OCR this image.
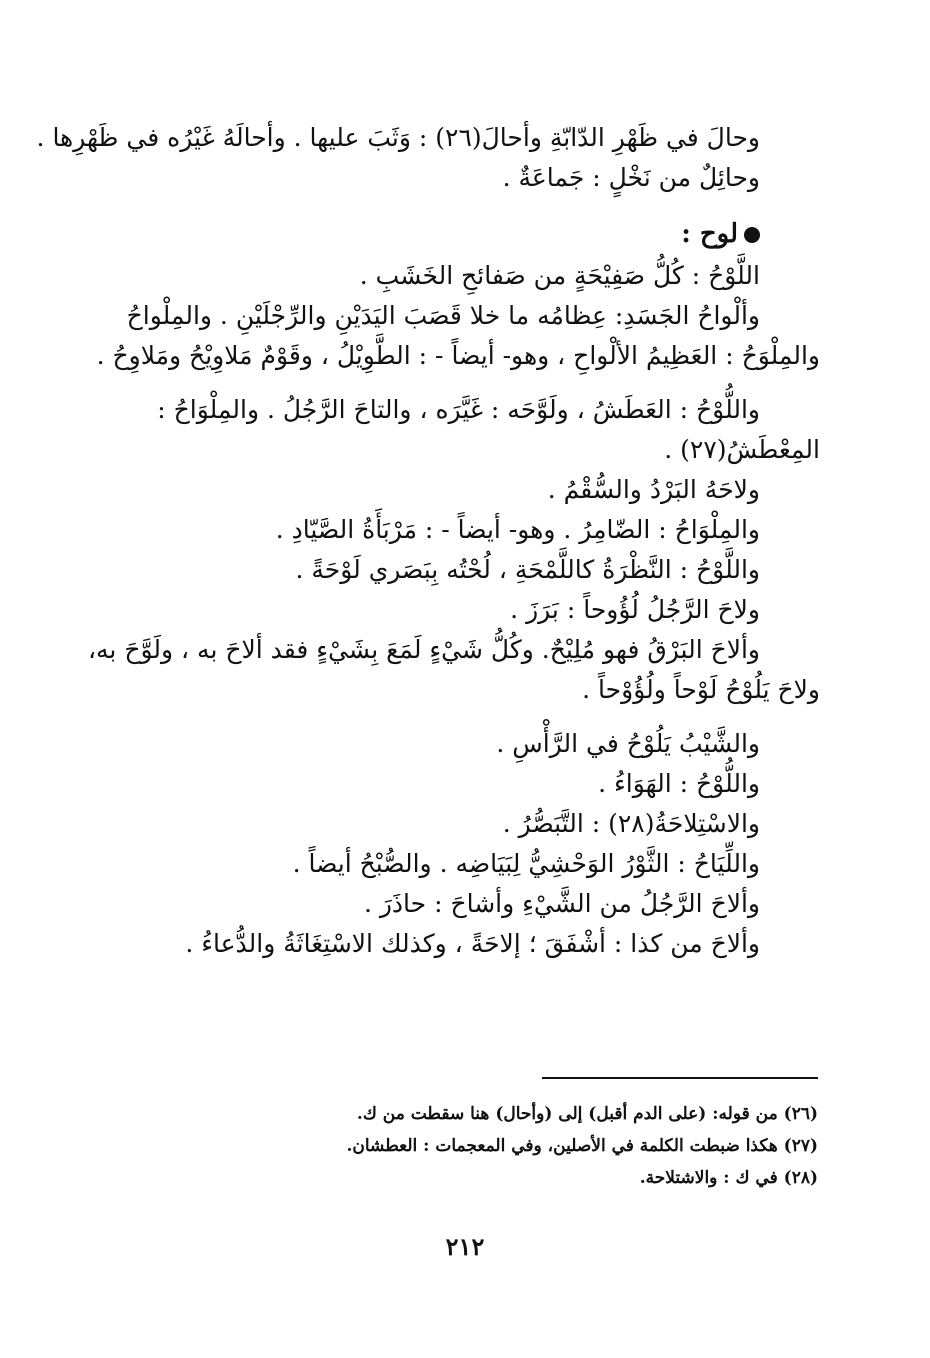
وحالَ في ظَهْرِ الدّابّةِ وأحالَ(٢٦) : وَثَبَ عليها . وأحالَهُ غَيْرُه في ظَهْرِها .
وحائِلٌ من نَخْلٍ : جَماعَةٌ .
لوح :
اللَّوْحُ : كُلُّ صَفِيْحَةٍ من صَفائحِ الخَشَبِ .
وألْواحُ الجَسَدِ: عِظامُه ما خلا قَصَبَ اليَدَيْنِ والرِّجْلَيْنِ . والمِلْواحُ
والمِلْوَحُ : العَظِيمُ الألْواحِ ، وهو- أيضاً - : الطَّوِيْلُ ، وقَوْمٌ مَلاوِيْحُ ومَلاوِحُ .
واللُّوْحُ : العَطَشُ ، ولَوَّحَه : غَيَّرَه ، والتاحَ الرَّجُلُ . والمِلْوَاحُ :
المِعْطَشُ(٢٧) .
ولاحَهُ البَرْدُ والسُّقْمُ .
والمِلْوَاحُ : الضّامِرُ . وهو- أيضاً - : مَرْبَأَةُ الصَّيّادِ .
واللَّوْحُ : النَّظْرَةُ كاللَّمْحَةِ ، لُحْتُه بِبَصَري لَوْحَةً .
ولاحَ الرَّجُلُ لُؤُوحاً : بَرَزَ .
وألاحَ البَرْقُ فهو مُلِيْحٌ. وكُلُّ شَيْءٍ لَمَعَ بِشَيْءٍ فقد ألاحَ به ، ولَوَّحَ به،
ولاحَ يَلُوْحُ لَوْحاً ولُؤُوْحاً .
والشَّيْبُ يَلُوْحُ في الرَّأْسِ .
واللُّوْحُ : الهَوَاءُ .
والاسْتِلاحَةُ(٢٨) : التَّبَصُّرُ .
واللِّيَاحُ : الثَّوْرُ الوَحْشِيُّ لِبَيَاضِه . والصُّبْحُ أيضاً .
وألاحَ الرَّجُلُ من الشَّيْءِ وأشاحَ : حاذَرَ .
وألاحَ من كذا : أشْفَقَ ؛ إلاحَةً ، وكذلك الاسْتِغَاثَةُ والدُّعاءُ .
(٢٦) من قوله: (على الدم أقبل) إلى (وأحال) هنا سقطت من ك.
(٢٧) هكذا ضبطت الكلمة في الأصلين، وفي المعجمات : العطشان.
(٢٨) في ك : والاشتلاحة.
٢١٢
